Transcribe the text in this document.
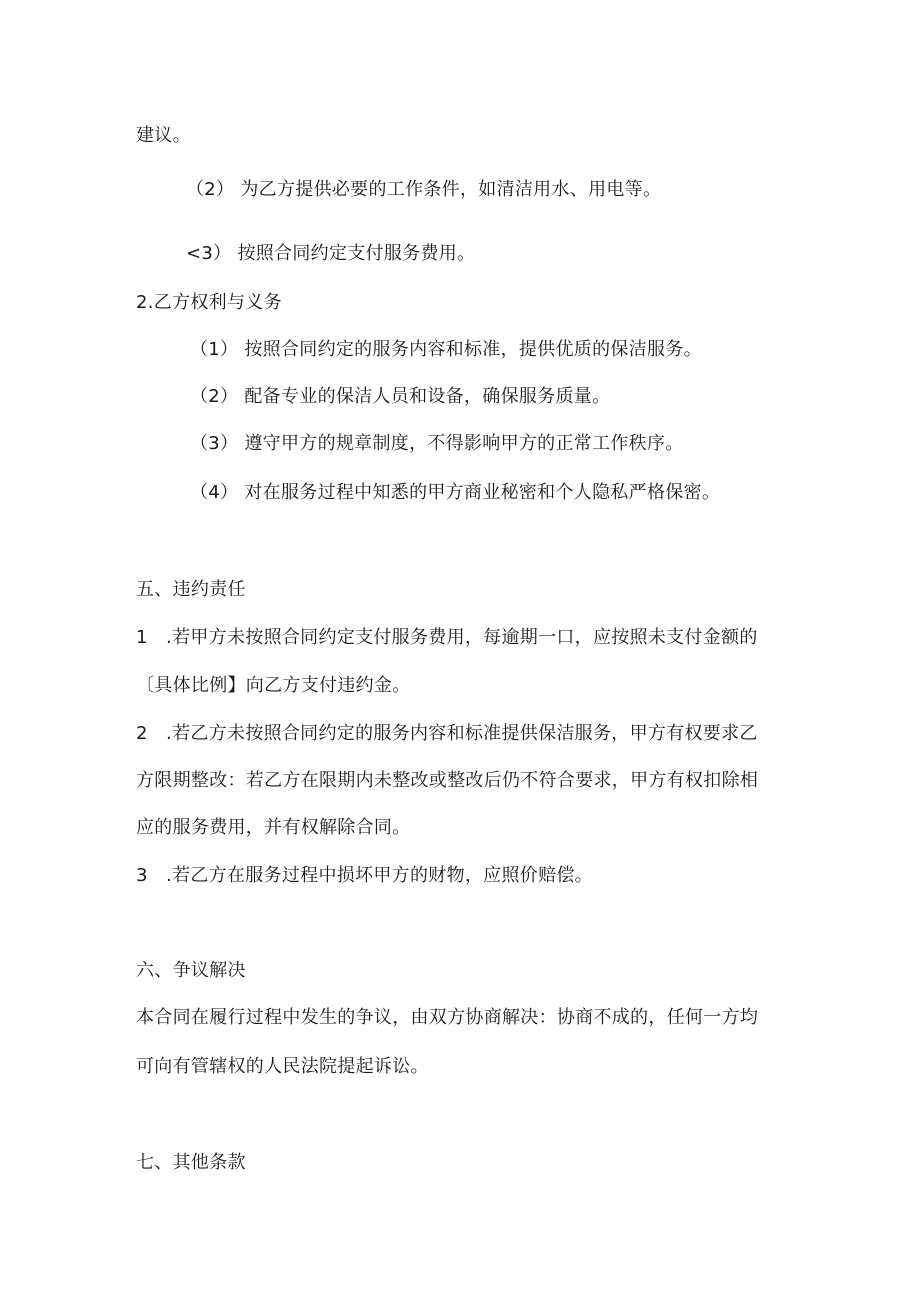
建议。
（2） 为乙方提供必要的工作条件，如清洁用水、用电等。
<3） 按照合同约定支付服务费用。
2.乙方权利与义务
（1） 按照合同约定的服务内容和标准，提供优质的保洁服务。
（2） 配备专业的保洁人员和设备，确保服务质量。
（3） 遵守甲方的规章制度，不得影响甲方的正常工作秩序。
（4） 对在服务过程中知悉的甲方商业秘密和个人隐私严格保密。
五、违约责任
1　.若甲方未按照合同约定支付服务费用，每逾期一口，应按照未支付金额的
〔具体比例】向乙方支付违约金。
2　.若乙方未按照合同约定的服务内容和标准提供保洁服务，甲方有权要求乙
方限期整改：若乙方在限期内未整改或整改后仍不符合要求，甲方有权扣除相
应的服务费用，并有权解除合同。
3　.若乙方在服务过程中损坏甲方的财物，应照价赔偿。
六、争议解决
本合同在履行过程中发生的争议，由双方协商解决：协商不成的，任何一方均
可向有管辖权的人民法院提起诉讼。
七、其他条款
